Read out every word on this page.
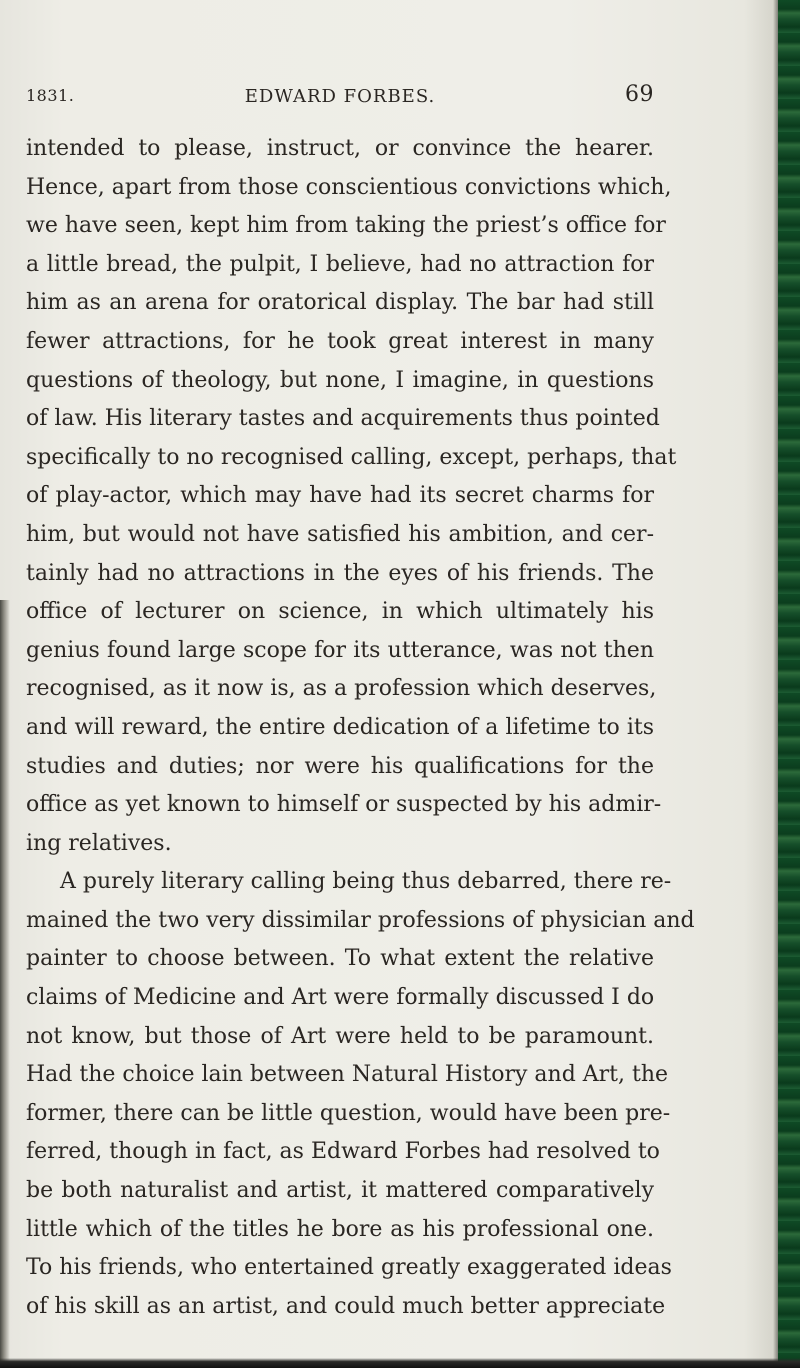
1831.	EDWARD FORBES.	69
intended to please, instruct, or convince the hearer.
Hence, apart from those conscientious convictions which,
we have seen, kept him from taking the priest’s office for
a little bread, the pulpit, I believe, had no attraction for
him as an arena for oratorical display. The bar had still
fewer attractions, for he took great interest in many
questions of theology, but none, I imagine, in questions
of law. His literary tastes and acquirements thus pointed
specifically to no recognised calling, except, perhaps, that
of play-actor, which may have had its secret charms for
him, but would not have satisfied his ambition, and cer-
tainly had no attractions in the eyes of his friends. The
office of lecturer on science, in which ultimately his
genius found large scope for its utterance, was not then
recognised, as it now is, as a profession which deserves,
and will reward, the entire dedication of a lifetime to its
studies and duties; nor were his qualifications for the
office as yet known to himself or suspected by his admir-
ing relatives.
A purely literary calling being thus debarred, there re-
mained the two very dissimilar professions of physician and
painter to choose between. To what extent the relative
claims of Medicine and Art were formally discussed I do
not know, but those of Art were held to be paramount.
Had the choice lain between Natural History and Art, the
former, there can be little question, would have been pre-
ferred, though in fact, as Edward Forbes had resolved to
be both naturalist and artist, it mattered comparatively
little which of the titles he bore as his professional one.
To his friends, who entertained greatly exaggerated ideas
of his skill as an artist, and could much better appreciate
